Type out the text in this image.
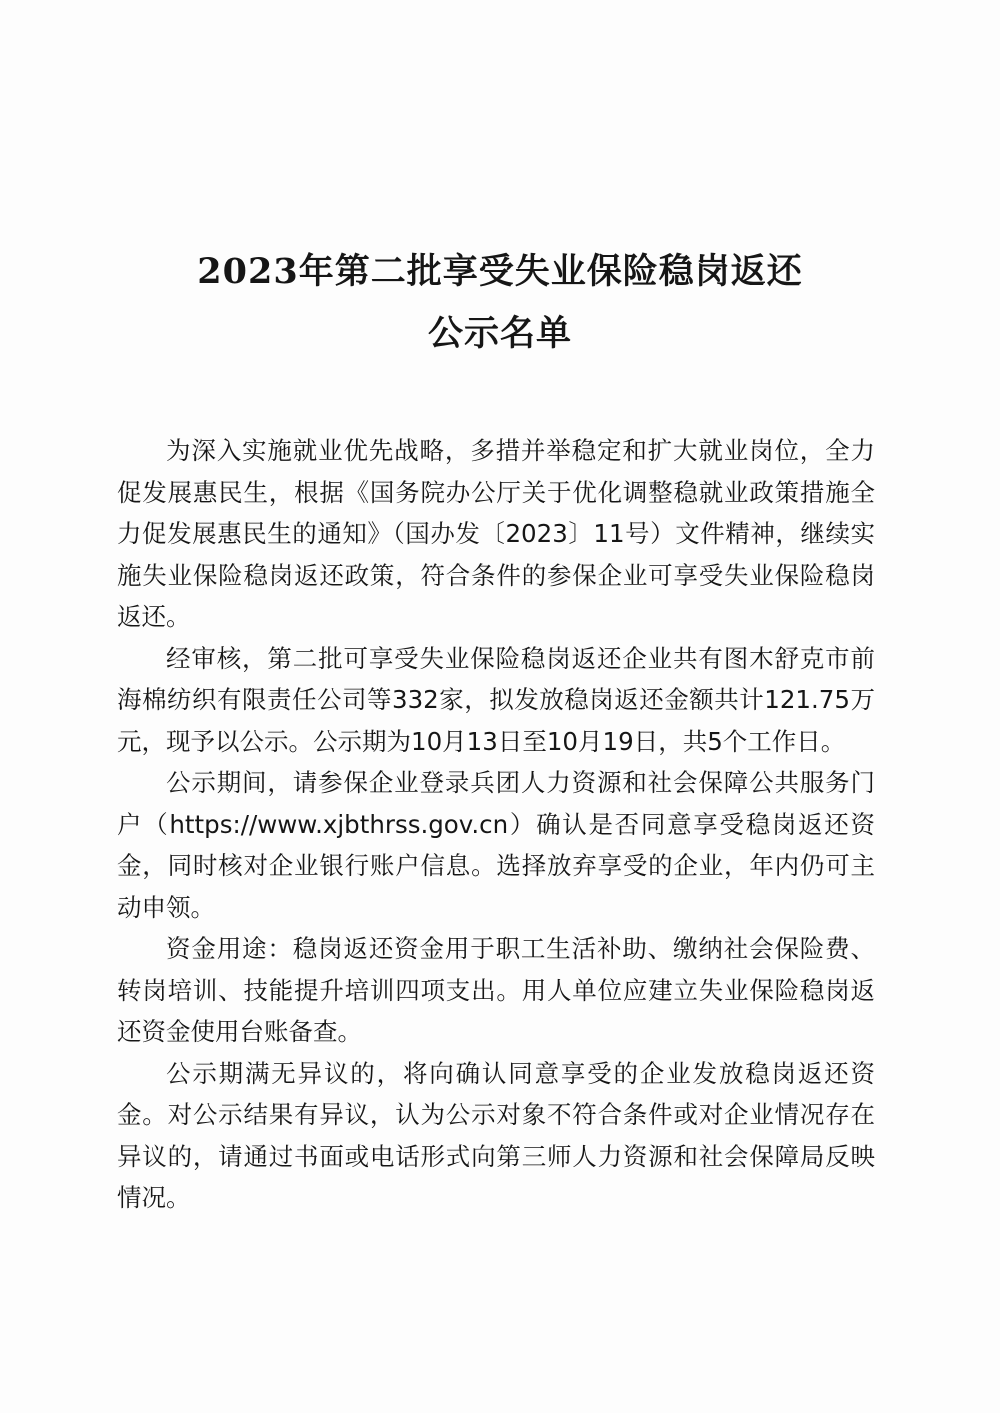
2023年第二批享受失业保险稳岗返还
公示名单

为深入实施就业优先战略，多措并举稳定和扩大就业岗位，全力促发展惠民生，根据《国务院办公厅关于优化调整稳就业政策措施全力促发展惠民生的通知》（国办发〔2023〕11号）文件精神，继续实施失业保险稳岗返还政策，符合条件的参保企业可享受失业保险稳岗返还。

经审核，第二批可享受失业保险稳岗返还企业共有图木舒克市前海棉纺织有限责任公司等332家，拟发放稳岗返还金额共计121.75万元，现予以公示。公示期为10月13日至10月19日，共5个工作日。

公示期间，请参保企业登录兵团人力资源和社会保障公共服务门户（https://www.xjbthrss.gov.cn）确认是否同意享受稳岗返还资金，同时核对企业银行账户信息。选择放弃享受的企业，年内仍可主动申领。

资金用途：稳岗返还资金用于职工生活补助、缴纳社会保险费、转岗培训、技能提升培训四项支出。用人单位应建立失业保险稳岗返还资金使用台账备查。

公示期满无异议的，将向确认同意享受的企业发放稳岗返还资金。对公示结果有异议，认为公示对象不符合条件或对企业情况存在异议的，请通过书面或电话形式向第三师人力资源和社会保障局反映情况。
